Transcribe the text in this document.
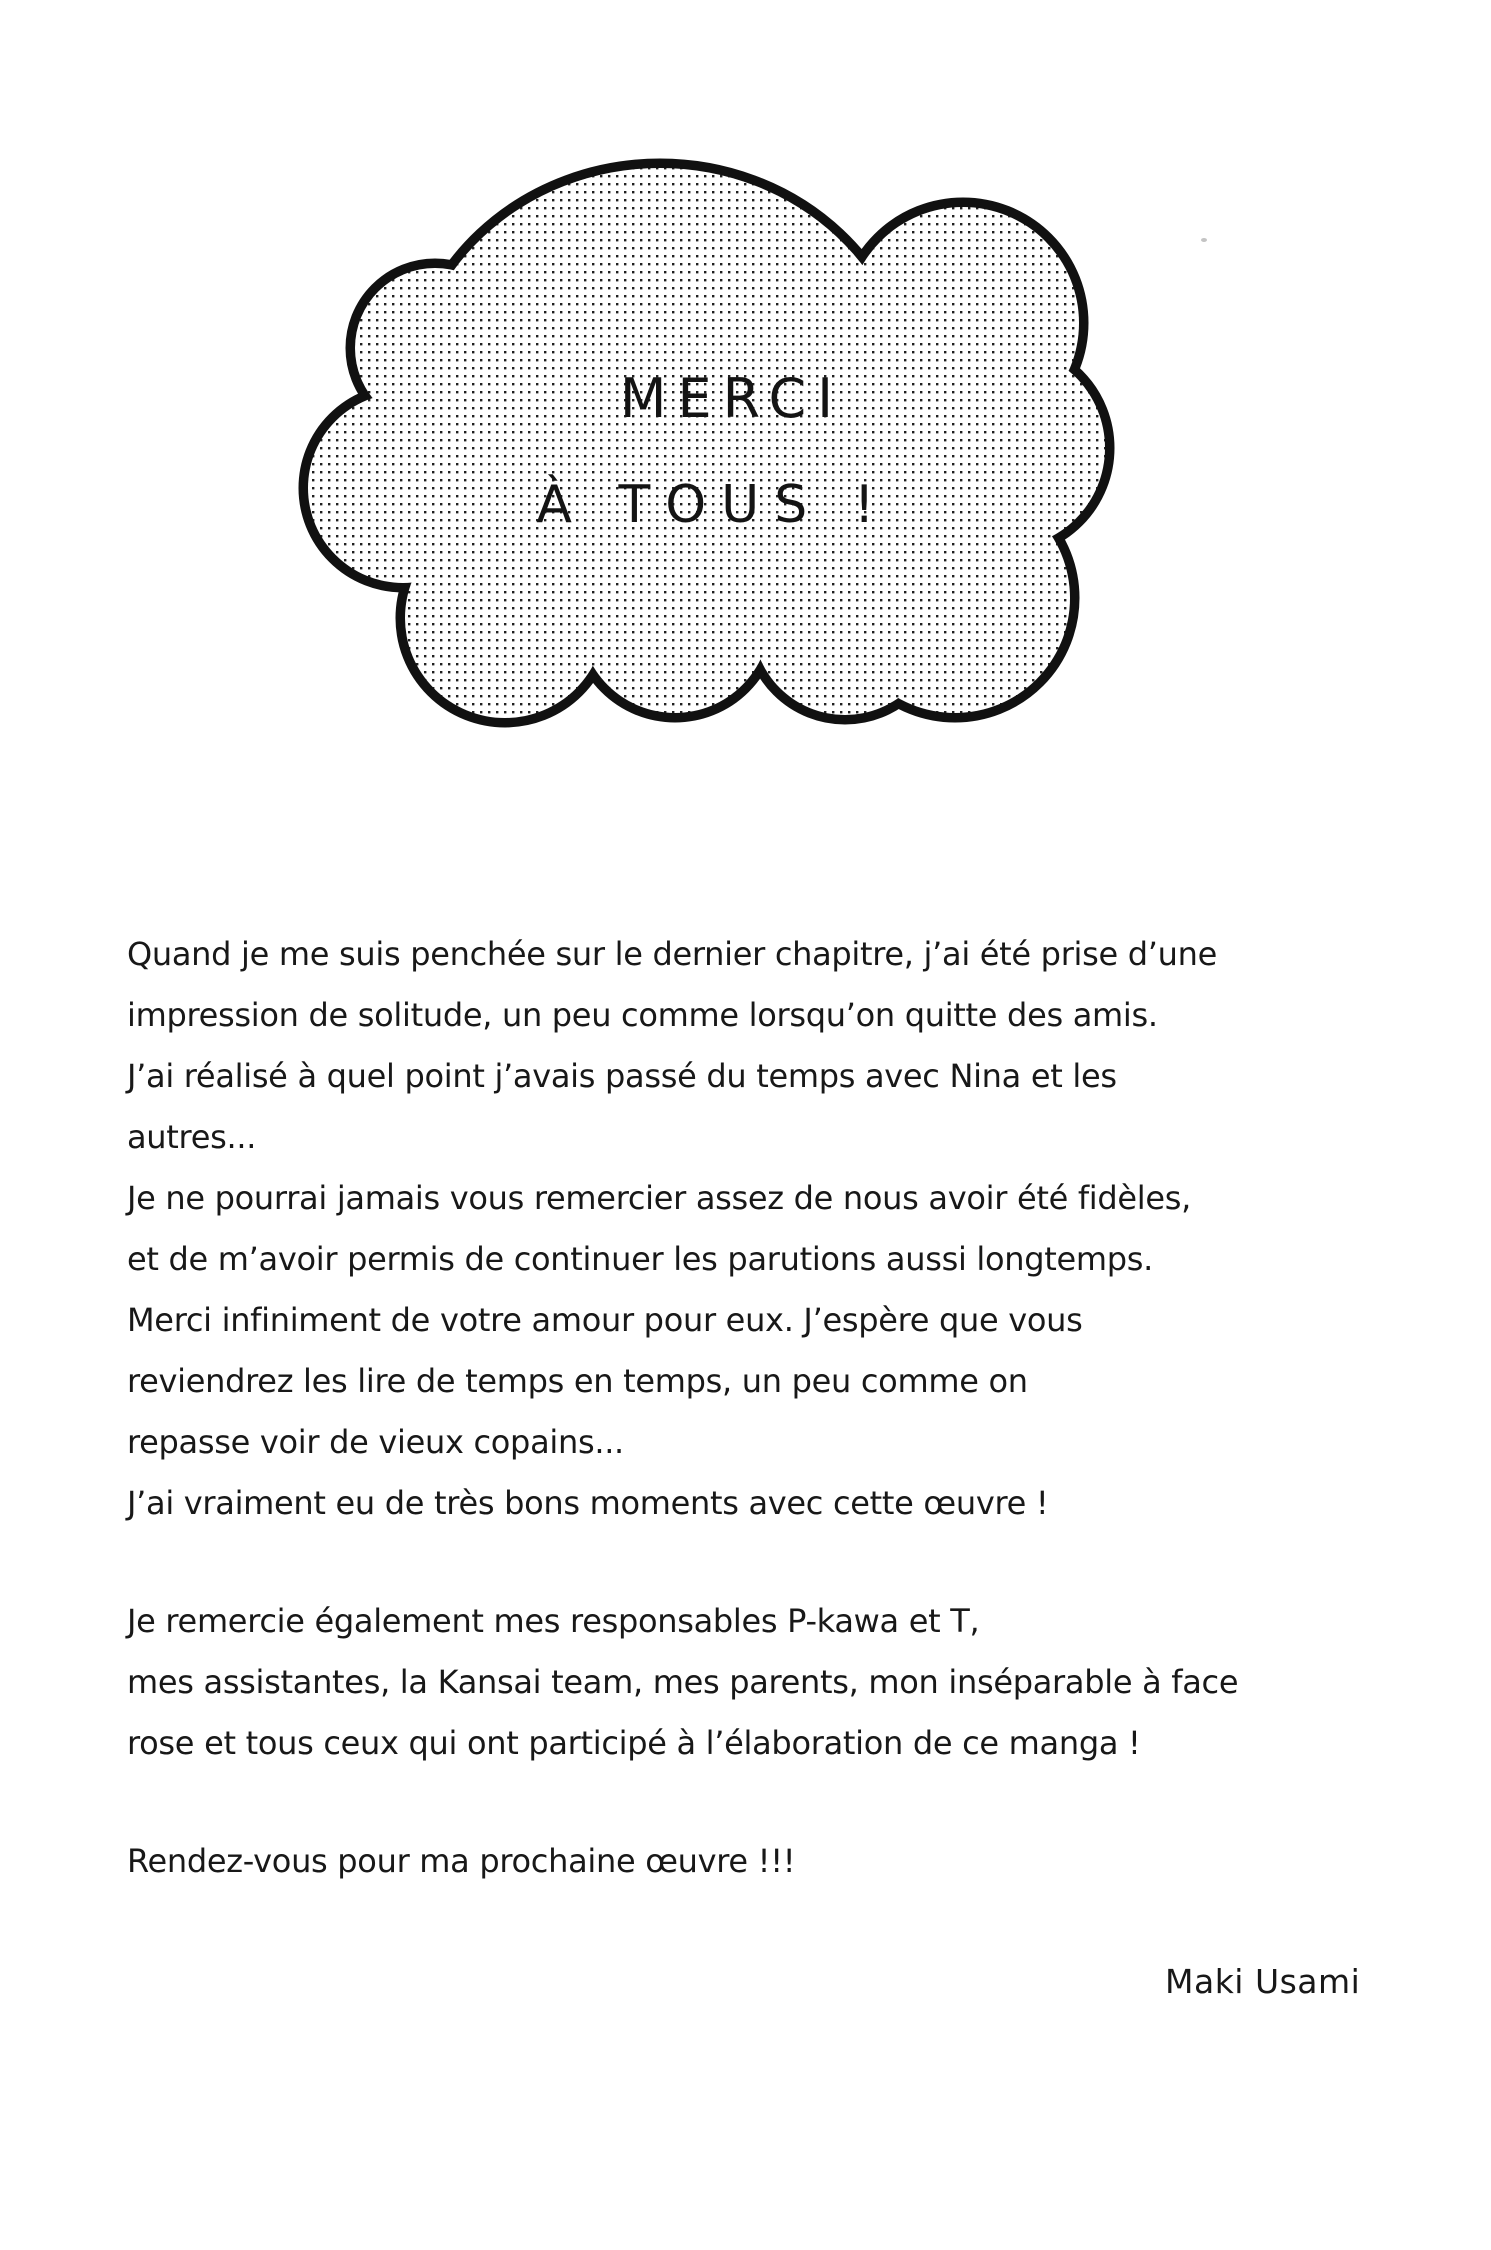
MERCI
À TOUS !

Quand je me suis penchée sur le dernier chapitre, j’ai été prise d’une

impression de solitude, un peu comme lorsqu’on quitte des amis.

J’ai réalisé à quel point j’avais passé du temps avec Nina et les

autres...

Je ne pourrai jamais vous remercier assez de nous avoir été fidèles,

et de m’avoir permis de continuer les parutions aussi longtemps.

Merci infiniment de votre amour pour eux. J’espère que vous

reviendrez les lire de temps en temps, un peu comme on

repasse voir de vieux copains...

J’ai vraiment eu de très bons moments avec cette œuvre !

Je remercie également mes responsables P-kawa et T,

mes assistantes, la Kansai team, mes parents, mon inséparable à face

rose et tous ceux qui ont participé à l’élaboration de ce manga !

Rendez-vous pour ma prochaine œuvre !!!

Maki Usami
